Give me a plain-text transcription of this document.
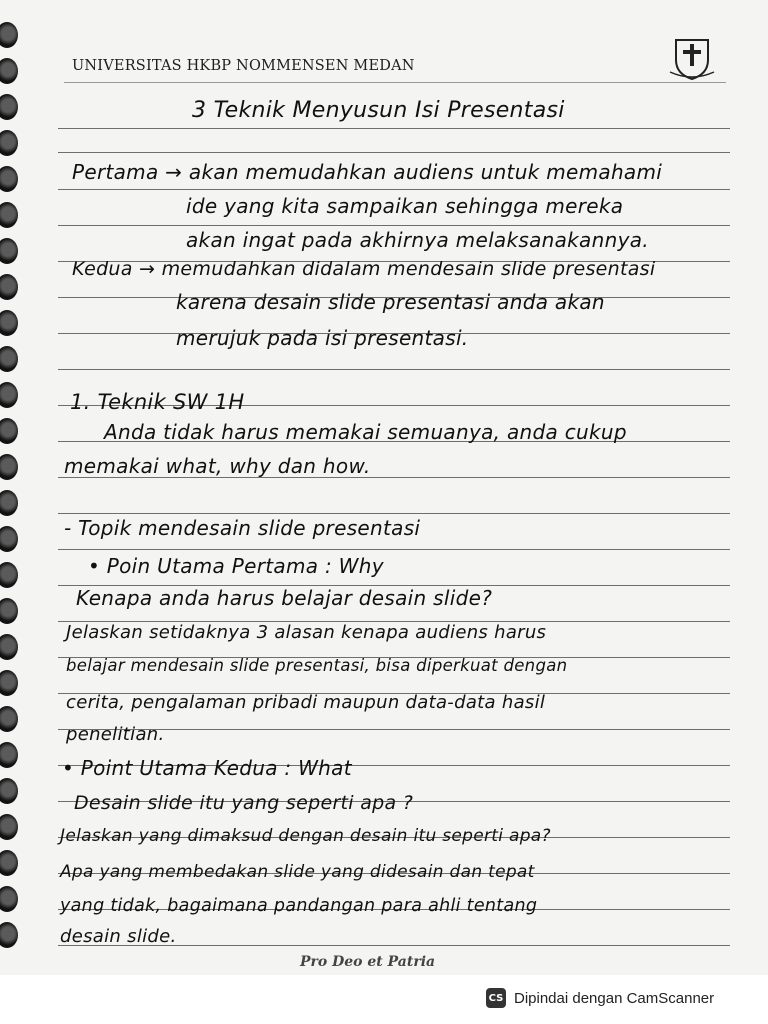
UNIVERSITAS HKBP NOMMENSEN MEDAN
3 Teknik Menyusun Isi Presentasi
Pertama → akan memudahkan audiens untuk memahami
ide yang kita sampaikan sehingga mereka
akan ingat pada akhirnya melaksanakannya.
Kedua → memudahkan didalam mendesain slide presentasi
karena desain slide presentasi anda akan
merujuk pada isi presentasi.
1. Teknik SW 1H
Anda tidak harus memakai semuanya, anda cukup
memakai what, why dan how.
- Topik mendesain slide presentasi
• Poin Utama Pertama : Why
Kenapa anda harus belajar desain slide?
Jelaskan setidaknya 3 alasan kenapa audiens harus
belajar mendesain slide presentasi, bisa diperkuat dengan
cerita, pengalaman pribadi maupun data-data hasil
penelitian.
• Point Utama Kedua : What
Desain slide itu yang seperti apa ?
Jelaskan yang dimaksud dengan desain itu seperti apa?
Apa yang membedakan slide yang didesain dan tepat
yang tidak, bagaimana pandangan para ahli tentang
desain slide.
Pro Deo et Patria
CS Dipindai dengan CamScanner
